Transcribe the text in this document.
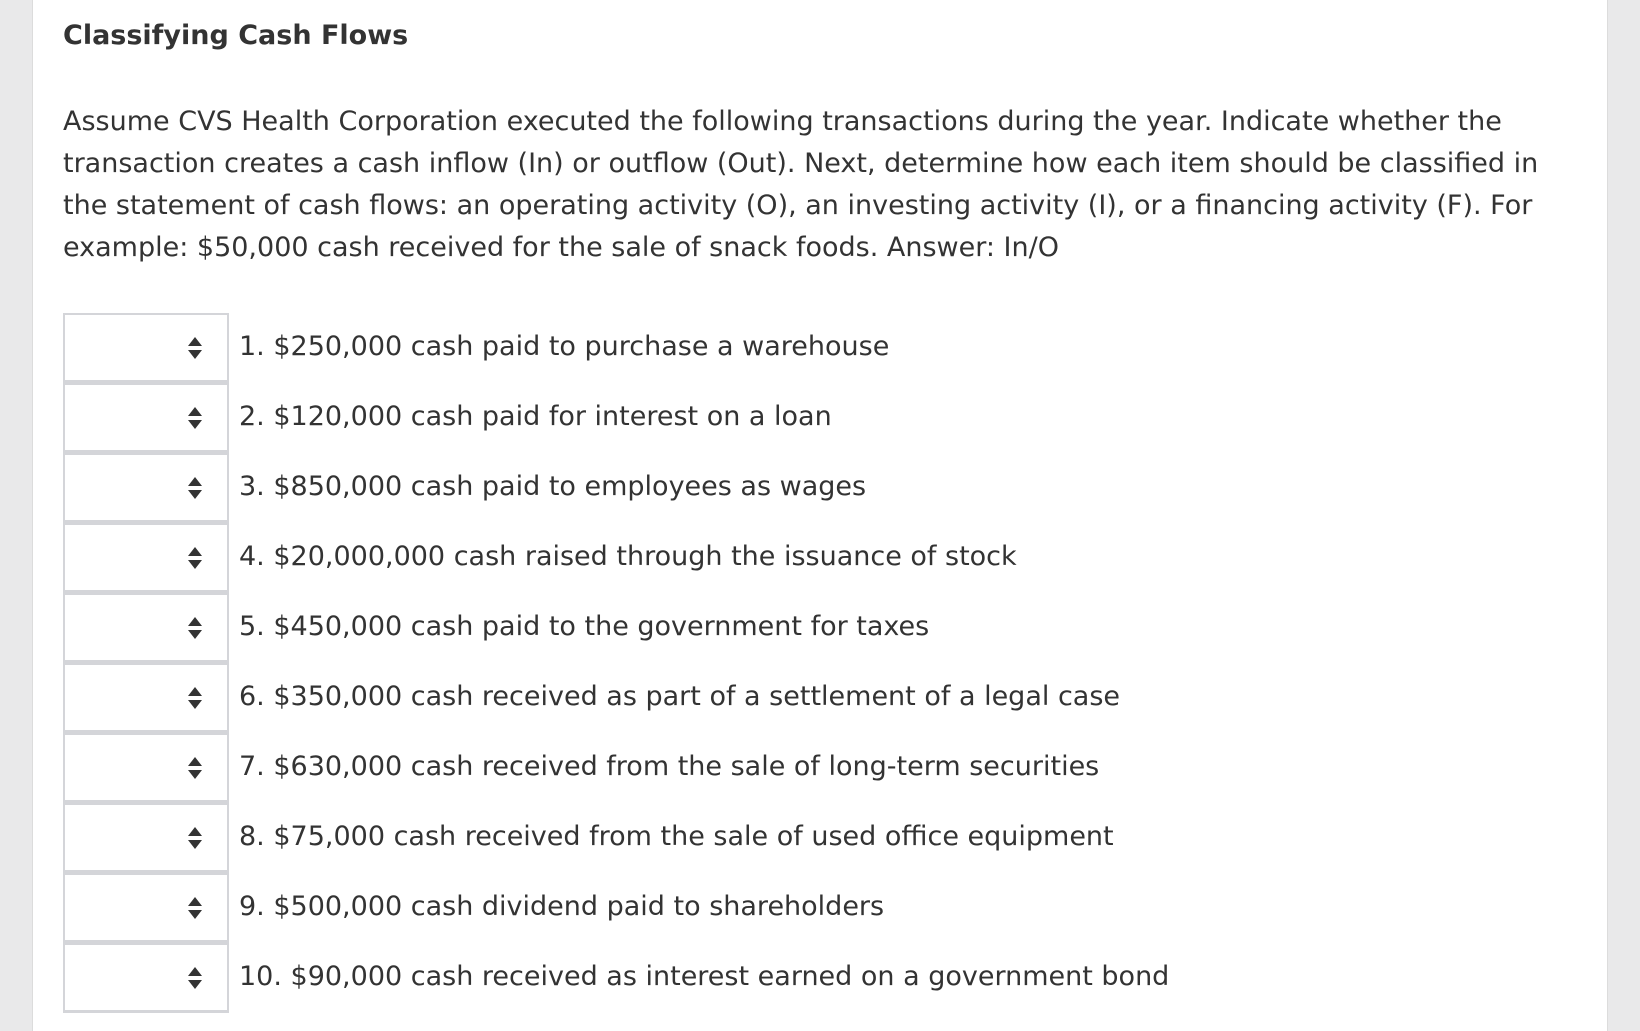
Classifying Cash Flows

Assume CVS Health Corporation executed the following transactions during the year. Indicate whether the transaction creates a cash inflow (In) or outflow (Out). Next, determine how each item should be classified in the statement of cash flows: an operating activity (O), an investing activity (I), or a financing activity (F). For example: $50,000 cash received for the sale of snack foods. Answer: In/O

1. $250,000 cash paid to purchase a warehouse
2. $120,000 cash paid for interest on a loan
3. $850,000 cash paid to employees as wages
4. $20,000,000 cash raised through the issuance of stock
5. $450,000 cash paid to the government for taxes
6. $350,000 cash received as part of a settlement of a legal case
7. $630,000 cash received from the sale of long-term securities
8. $75,000 cash received from the sale of used office equipment
9. $500,000 cash dividend paid to shareholders
10. $90,000 cash received as interest earned on a government bond
